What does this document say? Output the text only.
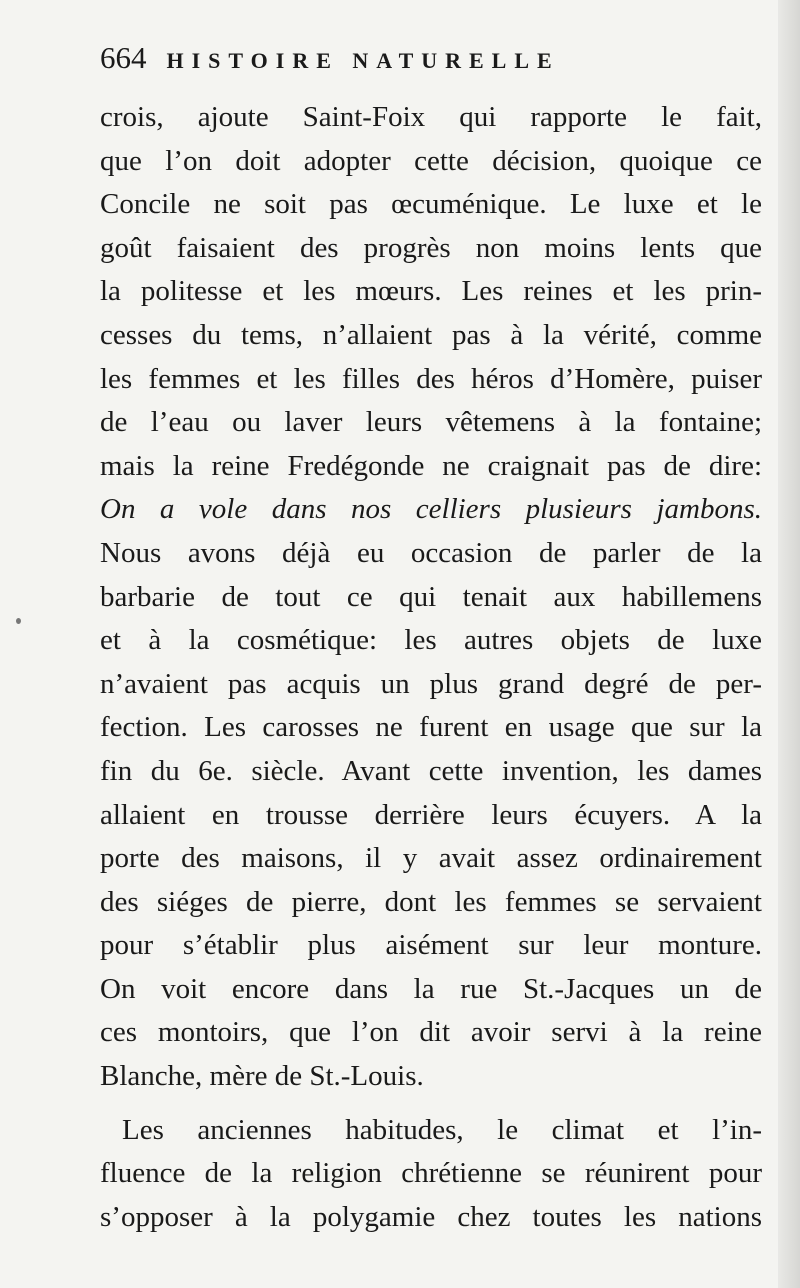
664 HISTOIRE NATURELLE
crois, ajoute Saint-Foix qui rapporte le fait,
que l’on doit adopter cette décision, quoique ce
Concile ne soit pas œcuménique. Le luxe et le
goût faisaient des progrès non moins lents que
la politesse et les mœurs. Les reines et les prin-
cesses du tems, n’allaient pas à la vérité, comme
les femmes et les filles des héros d’Homère, puiser
de l’eau ou laver leurs vêtemens à la fontaine;
mais la reine Fredégonde ne craignait pas de dire:
On a vole dans nos celliers plusieurs jambons.
Nous avons déjà eu occasion de parler de la
barbarie de tout ce qui tenait aux habillemens
et à la cosmétique: les autres objets de luxe
n’avaient pas acquis un plus grand degré de per-
fection. Les carosses ne furent en usage que sur la
fin du 6e. siècle. Avant cette invention, les dames
allaient en trousse derrière leurs écuyers. A la
porte des maisons, il y avait assez ordinairement
des siéges de pierre, dont les femmes se servaient
pour s’établir plus aisément sur leur monture.
On voit encore dans la rue St.-Jacques un de
ces montoirs, que l’on dit avoir servi à la reine
Blanche, mère de St.-Louis.
Les anciennes habitudes, le climat et l’in-
fluence de la religion chrétienne se réunirent pour
s’opposer à la polygamie chez toutes les nations
